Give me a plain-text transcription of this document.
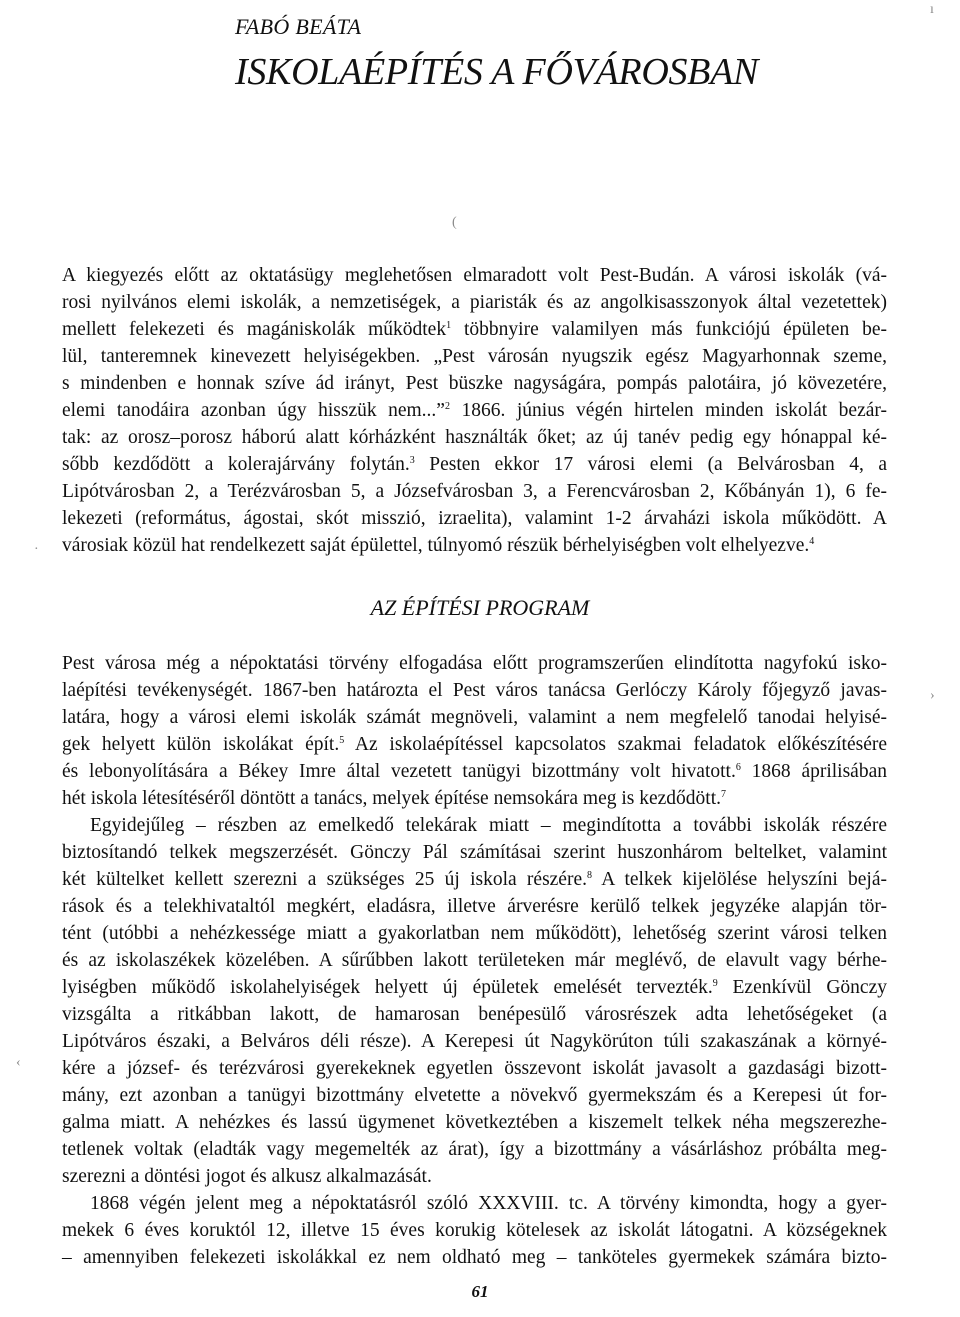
FABÓ BEÁTA
ISKOLAÉPÍTÉS A FŐVÁROSBAN
ı
(
›
‹
·
A kiegyezés előtt az oktatásügy meglehetősen elmaradott volt Pest-Budán. A városi iskolák (vá-
rosi nyilvános elemi iskolák, a nemzetiségek, a piaristák és az angolkisasszonyok által vezetettek)
mellett felekezeti és magániskolák működtek$^1$ többnyire valamilyen más funkciójú épületen be-
lül, tanteremnek kinevezett helyiségekben. „Pest városán nyugszik egész Magyarhonnak szeme,
s mindenben e honnak szíve ád irányt, Pest büszke nagyságára, pompás palotáira, jó kövezetére,
elemi tanodáira azonban úgy hisszük nem...”$^2$ 1866. június végén hirtelen minden iskolát bezár-
tak: az orosz–porosz háború alatt kórházként használták őket; az új tanév pedig egy hónappal ké-
sőbb kezdődött a kolerajárvány folytán.$^3$ Pesten ekkor 17 városi elemi (a Belvárosban 4, a
Lipótvárosban 2, a Terézvárosban 5, a Józsefvárosban 3, a Ferencvárosban 2, Kőbányán 1), 6 fe-
lekezeti (református, ágostai, skót misszió, izraelita), valamint 1-2 árvaházi iskola működött. A
városiak közül hat rendelkezett saját épülettel, túlnyomó részük bérhelyiségben volt elhelyezve.$^4$
AZ ÉPÍTÉSI PROGRAM
Pest városa még a népoktatási törvény elfogadása előtt programszerűen elindította nagyfokú isko-
laépítési tevékenységét. 1867-ben határozta el Pest város tanácsa Gerlóczy Károly főjegyző javas-
latára, hogy a városi elemi iskolák számát megnöveli, valamint a nem megfelelő tanodai helyisé-
gek helyett külön iskolákat épít.$^5$ Az iskolaépítéssel kapcsolatos szakmai feladatok előkészítésére
és lebonyolítására a Békey Imre által vezetett tanügyi bizottmány volt hivatott.$^6$ 1868 áprilisában
hét iskola létesítéséről döntött a tanács, melyek építése nemsokára meg is kezdődött.$^7$
Egyidejűleg – részben az emelkedő telekárak miatt – megindította a további iskolák részére
biztosítandó telkek megszerzését. Gönczy Pál számításai szerint huszonhárom beltelket, valamint
két kültelket kellett szerezni a szükséges 25 új iskola részére.$^8$ A telkek kijelölése helyszíni bejá-
rások és a telekhivataltól megkért, eladásra, illetve árverésre kerülő telkek jegyzéke alapján tör-
tént (utóbbi a nehézkessége miatt a gyakorlatban nem működött), lehetőség szerint városi telken
és az iskolaszékek közelében. A sűrűbben lakott területeken már meglévő, de elavult vagy bérhe-
lyiségben működő iskolahelyiségek helyett új épületek emelését tervezték.$^9$ Ezenkívül Gönczy
vizsgálta a ritkábban lakott, de hamarosan benépesülő városrészek adta lehetőségeket (a
Lipótváros északi, a Belváros déli része). A Kerepesi út Nagykörúton túli szakaszának a környé-
kére a józsef- és terézvárosi gyerekeknek egyetlen összevont iskolát javasolt a gazdasági bizott-
mány, ezt azonban a tanügyi bizottmány elvetette a növekvő gyermekszám és a Kerepesi út for-
galma miatt. A nehézkes és lassú ügymenet következtében a kiszemelt telkek néha megszerezhe-
tetlenek voltak (eladták vagy megemelték az árat), így a bizottmány a vásárláshoz próbálta meg-
szerezni a döntési jogot és alkusz alkalmazását.
1868 végén jelent meg a népoktatásról szóló XXXVIII. tc. A törvény kimondta, hogy a gyer-
mekek 6 éves koruktól 12, illetve 15 éves korukig kötelesek az iskolát látogatni. A községeknek
– amennyiben felekezeti iskolákkal ez nem oldható meg – tanköteles gyermekek számára bizto-
61
